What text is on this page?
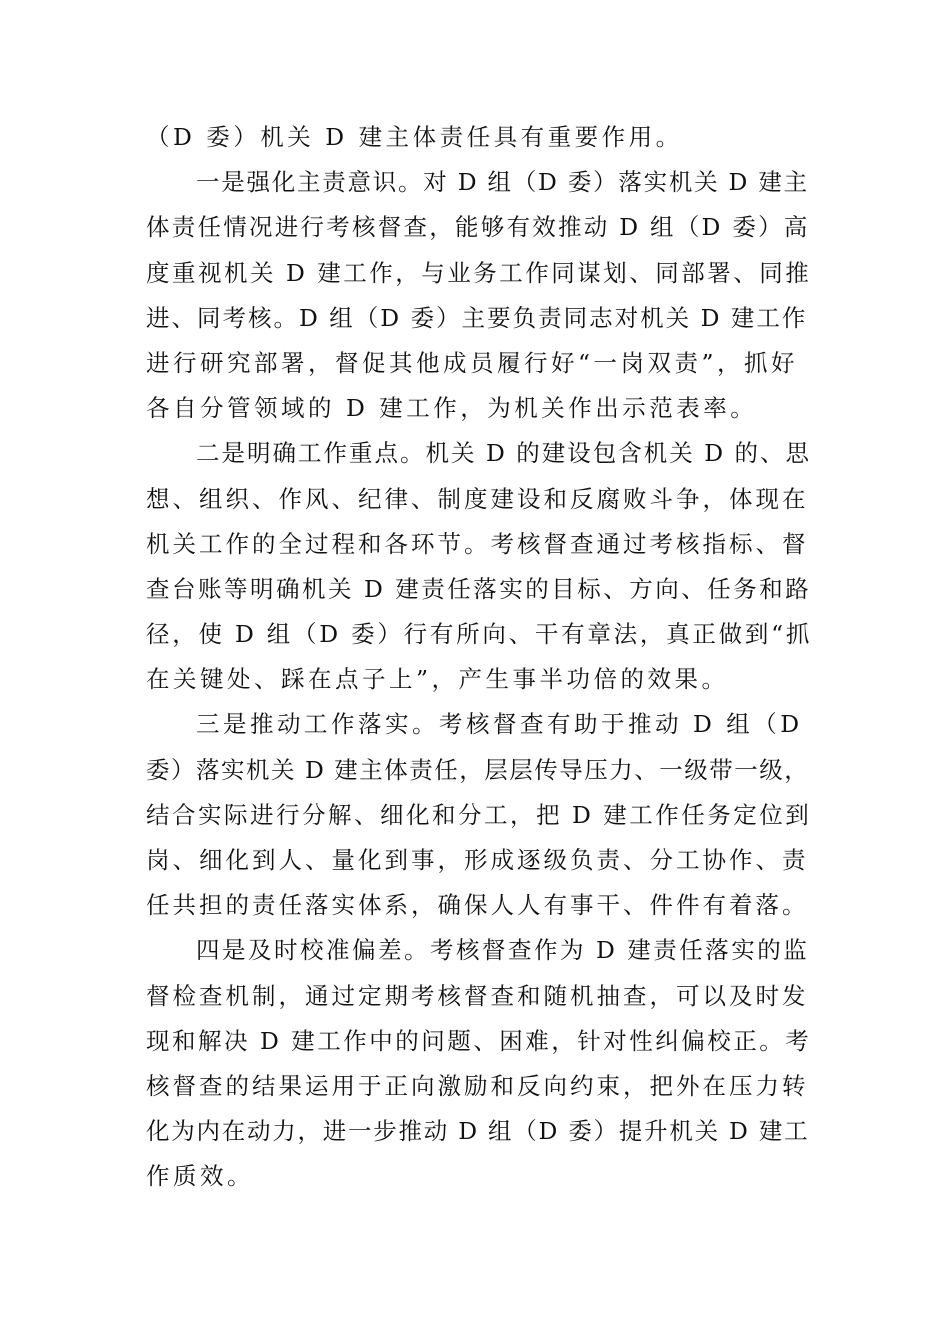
（D 委）机关 D 建主体责任具有重要作用。
一是强化主责意识。对 D 组（D 委）落实机关 D 建主
体责任情况进行考核督查，能够有效推动 D 组（D 委）高
度重视机关 D 建工作，与业务工作同谋划、同部署、同推
进、同考核。D 组（D 委）主要负责同志对机关 D 建工作
进行研究部署，督促其他成员履行好“一岗双责”，抓好
各自分管领域的 D 建工作，为机关作出示范表率。
二是明确工作重点。机关 D 的建设包含机关 D 的、思
想、组织、作风、纪律、制度建设和反腐败斗争，体现在
机关工作的全过程和各环节。考核督查通过考核指标、督
查台账等明确机关 D 建责任落实的目标、方向、任务和路
径，使 D 组（D 委）行有所向、干有章法，真正做到“抓
在关键处、踩在点子上”，产生事半功倍的效果。
三是推动工作落实。考核督查有助于推动 D 组（D
委）落实机关 D 建主体责任，层层传导压力、一级带一级，
结合实际进行分解、细化和分工，把 D 建工作任务定位到
岗、细化到人、量化到事，形成逐级负责、分工协作、责
任共担的责任落实体系，确保人人有事干、件件有着落。
四是及时校准偏差。考核督查作为 D 建责任落实的监
督检查机制，通过定期考核督查和随机抽查，可以及时发
现和解决 D 建工作中的问题、困难，针对性纠偏校正。考
核督查的结果运用于正向激励和反向约束，把外在压力转
化为内在动力，进一步推动 D 组（D 委）提升机关 D 建工
作质效。
